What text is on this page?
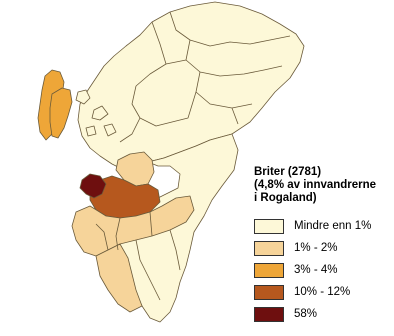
Briter (2781)
(4,8% av innvandrerne
i Rogaland)
Mindre enn 1%
1% - 2%
3% - 4%
10% - 12%
58%
